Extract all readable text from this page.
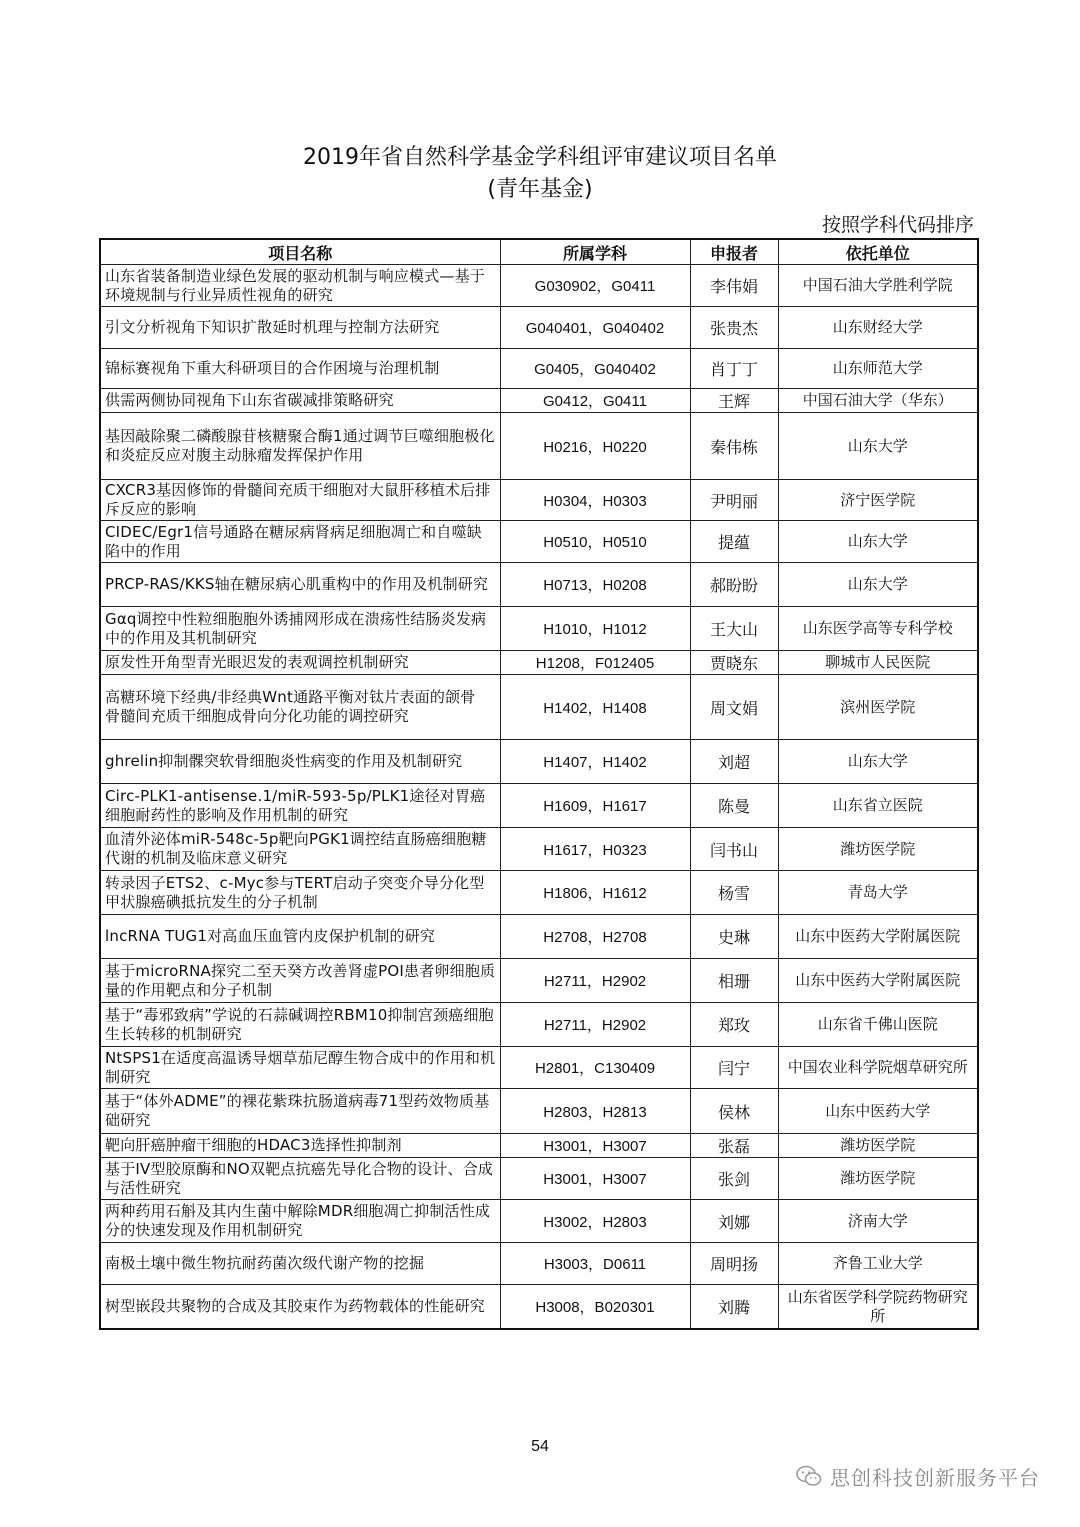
2019年省自然科学基金学科组评审建议项目名单
(青年基金)
按照学科代码排序
项目名称	所属学科	申报者	依托单位
山东省装备制造业绿色发展的驱动机制与响应模式—基于环境规制与行业异质性视角的研究	G030902，G0411	李伟娟	中国石油大学胜利学院
引文分析视角下知识扩散延时机理与控制方法研究	G040401，G040402	张贵杰	山东财经大学
锦标赛视角下重大科研项目的合作困境与治理机制	G0405，G040402	肖丁丁	山东师范大学
供需两侧协同视角下山东省碳减排策略研究	G0412，G0411	王辉	中国石油大学（华东）
基因敲除聚二磷酸腺苷核糖聚合酶1通过调节巨噬细胞极化和炎症反应对腹主动脉瘤发挥保护作用	H0216，H0220	秦伟栋	山东大学
CXCR3基因修饰的骨髓间充质干细胞对大鼠肝移植术后排斥反应的影响	H0304，H0303	尹明丽	济宁医学院
CIDEC/Egr1信号通路在糖尿病肾病足细胞凋亡和自噬缺陷中的作用	H0510，H0510	提蕴	山东大学
PRCP-RAS/KKS轴在糖尿病心肌重构中的作用及机制研究	H0713，H0208	郝盼盼	山东大学
Gαq调控中性粒细胞胞外诱捕网形成在溃疡性结肠炎发病中的作用及其机制研究	H1010，H1012	王大山	山东医学高等专科学校
原发性开角型青光眼迟发的表观调控机制研究	H1208，F012405	贾晓东	聊城市人民医院
高糖环境下经典/非经典Wnt通路平衡对钛片表面的颌骨 骨髓间充质干细胞成骨向分化功能的调控研究	H1402，H1408	周文娟	滨州医学院
ghrelin抑制髁突软骨细胞炎性病变的作用及机制研究	H1407，H1402	刘超	山东大学
Circ-PLK1-antisense.1/miR-593-5p/PLK1途径对胃癌细胞耐药性的影响及作用机制的研究	H1609，H1617	陈曼	山东省立医院
血清外泌体miR-548c-5p靶向PGK1调控结直肠癌细胞糖代谢的机制及临床意义研究	H1617，H0323	闫书山	潍坊医学院
转录因子ETS2、c-Myc参与TERT启动子突变介导分化型甲状腺癌碘抵抗发生的分子机制	H1806，H1612	杨雪	青岛大学
lncRNA TUG1对高血压血管内皮保护机制的研究	H2708，H2708	史琳	山东中医药大学附属医院
基于microRNA探究二至天癸方改善肾虚POI患者卵细胞质量的作用靶点和分子机制	H2711，H2902	相珊	山东中医药大学附属医院
基于“毒邪致病”学说的石蒜碱调控RBM10抑制宫颈癌细胞生长转移的机制研究	H2711，H2902	郑玫	山东省千佛山医院
NtSPS1在适度高温诱导烟草茄尼醇生物合成中的作用和机制研究	H2801，C130409	闫宁	中国农业科学院烟草研究所
基于“体外ADME”的裸花紫珠抗肠道病毒71型药效物质基础研究	H2803，H2813	侯林	山东中医药大学
靶向肝癌肿瘤干细胞的HDAC3选择性抑制剂	H3001，H3007	张磊	潍坊医学院
基于IV型胶原酶和NO双靶点抗癌先导化合物的设计、合成与活性研究	H3001，H3007	张剑	潍坊医学院
两种药用石斛及其内生菌中解除MDR细胞凋亡抑制活性成分的快速发现及作用机制研究	H3002，H2803	刘娜	济南大学
南极土壤中微生物抗耐药菌次级代谢产物的挖掘	H3003，D0611	周明扬	齐鲁工业大学
树型嵌段共聚物的合成及其胶束作为药物载体的性能研究	H3008，B020301	刘腾	山东省医学科学院药物研究所
54
思创科技创新服务平台
